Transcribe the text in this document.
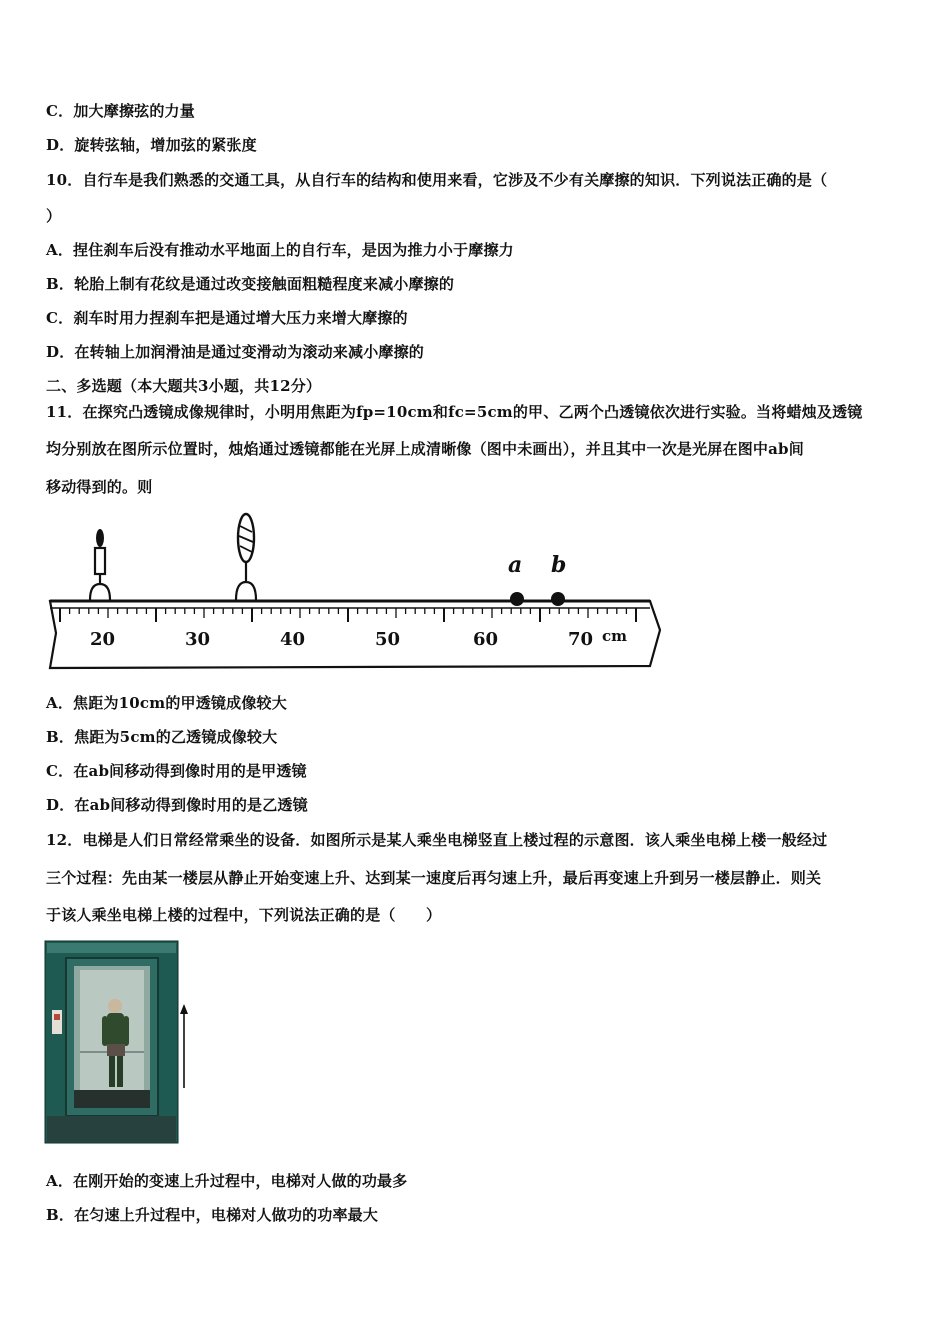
C．加大摩擦弦的力量
D．旋转弦轴，增加弦的紧张度
10．自行车是我们熟悉的交通工具，从自行车的结构和使用来看，它涉及不少有关摩擦的知识．下列说法正确的是（
）
A．捏住刹车后没有推动水平地面上的自行车，是因为推力小于摩擦力
B．轮胎上制有花纹是通过改变接触面粗糙程度来减小摩擦的
C．刹车时用力捏刹车把是通过增大压力来增大摩擦的
D．在转轴上加润滑油是通过变滑动为滚动来减小摩擦的
二、多选题（本大题共3小题，共12分）
11．在探究凸透镜成像规律时，小明用焦距为fp=10cm和fc=5cm的甲、乙两个凸透镜依次进行实验。当将蜡烛及透镜
均分别放在图所示位置时，烛焰通过透镜都能在光屏上成清晰像（图中未画出），并且其中一次是光屏在图中ab间
移动得到的。则
20	30	40	50	60	70 cm
a b
A．焦距为10cm的甲透镜成像较大
B．焦距为5cm的乙透镜成像较大
C．在ab间移动得到像时用的是甲透镜
D．在ab间移动得到像时用的是乙透镜
12．电梯是人们日常经常乘坐的设备．如图所示是某人乘坐电梯竖直上楼过程的示意图．该人乘坐电梯上楼一般经过
三个过程：先由某一楼层从静止开始变速上升、达到某一速度后再匀速上升，最后再变速上升到另一楼层静止．则关
于该人乘坐电梯上楼的过程中，下列说法正确的是（　　）
A．在刚开始的变速上升过程中，电梯对人做的功最多
B．在匀速上升过程中，电梯对人做功的功率最大
